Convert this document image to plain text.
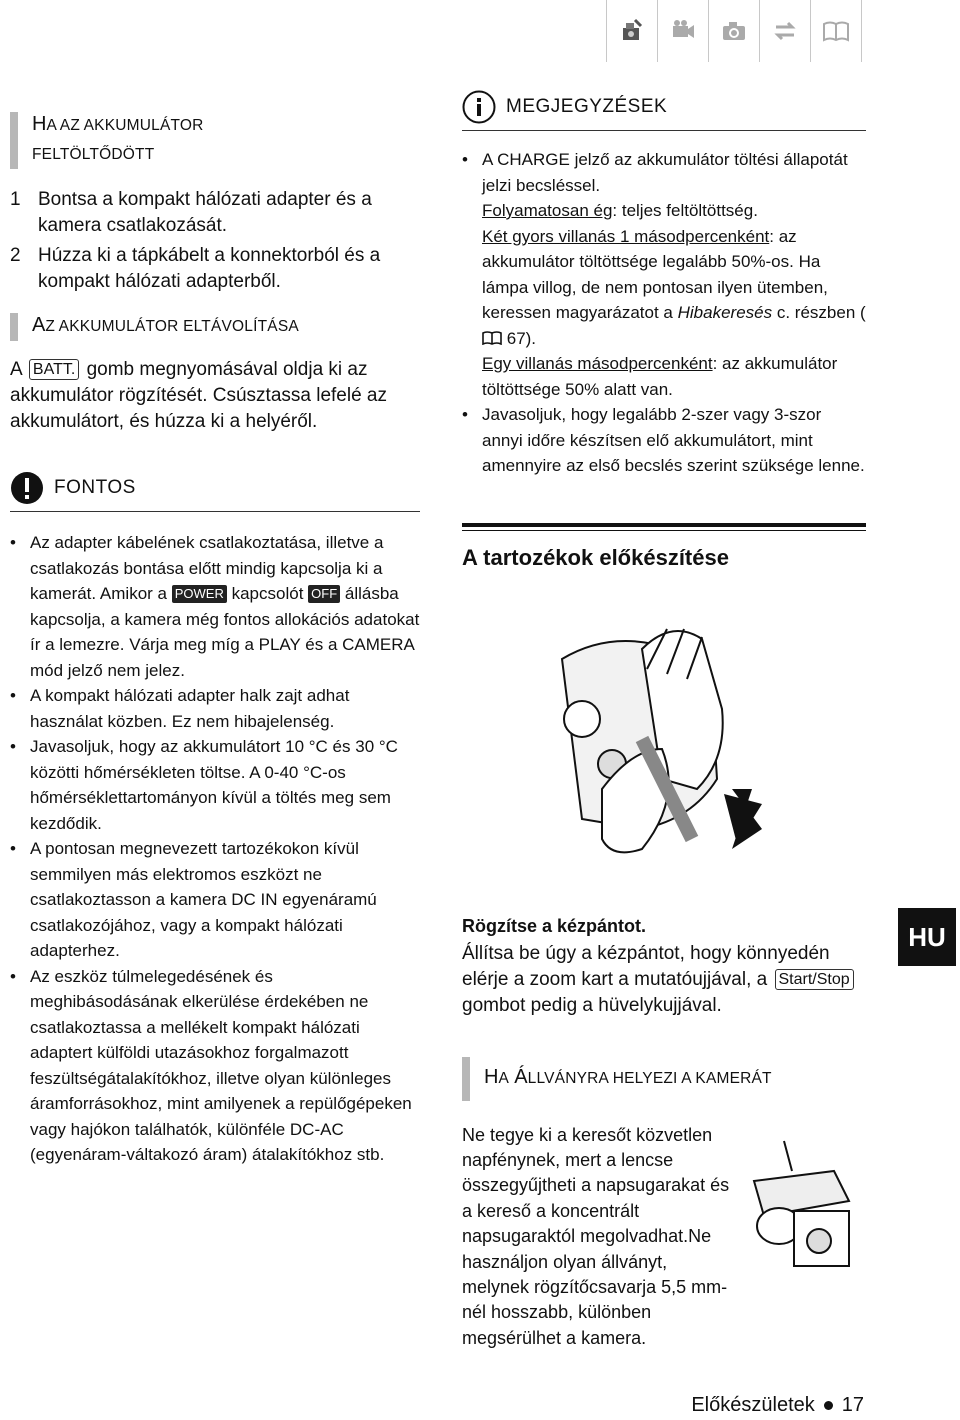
HA AZ AKKUMULÁTOR
FELTÖLTŐDÖTT
1 Bontsa a kompakt hálózati adapter és a kamera csatlakozását.
2 Húzza ki a tápkábelt a konnektorból és a kompakt hálózati adapterből.
AZ AKKUMULÁTOR ELTÁVOLÍTÁSA

A BATT. gomb megnyomásával oldja ki az akkumulátor rögzítését. Csúsztassa lefelé az akkumulátort, és húzza ki a helyéről.

FONTOS
• Az adapter kábelének csatlakoztatása, illetve a csatlakozás bontása előtt mindig kapcsolja ki a kamerát. Amikor a POWER kapcsolót OFF állásba kapcsolja, a kamera még fontos allokációs adatokat ír a lemezre. Várja meg míg a PLAY és a CAMERA mód jelző nem jelez.
• A kompakt hálózati adapter halk zajt adhat használat közben. Ez nem hibajelenség.
• Javasoljuk, hogy az akkumulátort 10 °C és 30 °C közötti hőmérsékleten töltse. A 0-40 °C-os hőmérséklettartományon kívül a töltés meg sem kezdődik.
• A pontosan megnevezett tartozékokon kívül semmilyen más elektromos eszközt ne csatlakoztasson a kamera DC IN egyenáramú csatlakozójához, vagy a kompakt hálózati adapterhez.
• Az eszköz túlmelegedésének és meghibásodásának elkerülése érdekében ne csatlakoztassa a mellékelt kompakt hálózati adaptert külföldi utazásokhoz forgalmazott feszültségátalakítókhoz, illetve olyan különleges áramforrásokhoz, mint amilyenek a repülőgépeken vagy hajókon találhatók, különféle DC-AC (egyenáram-váltakozó áram) átalakítókhoz stb.
MEGJEGYZÉSEK
• A CHARGE jelző az akkumulátor töltési állapotát jelzi becsléssel.
Folyamatosan ég: teljes feltöltöttség.
Két gyors villanás 1 másodpercenként: az akkumulátor töltöttsége legalább 50%-os. Ha lámpa villog, de nem pontosan ilyen ütemben, keressen magyarázatot a Hibakeresés c. részben ( 67).
Egy villanás másodpercenként: az akkumulátor töltöttsége 50% alatt van.
• Javasoljuk, hogy legalább 2-szer vagy 3-szor annyi időre készítsen elő akkumulátort, mint amennyire az első becslés szerint szüksége lenne.
A tartozékok előkészítése
Rögzítse a kézpántot.

Állítsa be úgy a kézpántot, hogy könnyedén elérje a zoom kart a mutatóujjával, a Start/Stop gombot pedig a hüvelykujjával.

HA ÁLLVÁNYRA HELYEZI A KAMERÁT

Ne tegye ki a keresőt közvetlen napfénynek, mert a lencse összegyűjtheti a napsugarakat és a kereső a koncentrált napsugaraktól megolvadhat.Ne használjon olyan állványt, melynek rögzítőcsavarja 5,5 mm-nél hosszabb, különben megsérülhet a kamera.

HU
Előkészületek 17
